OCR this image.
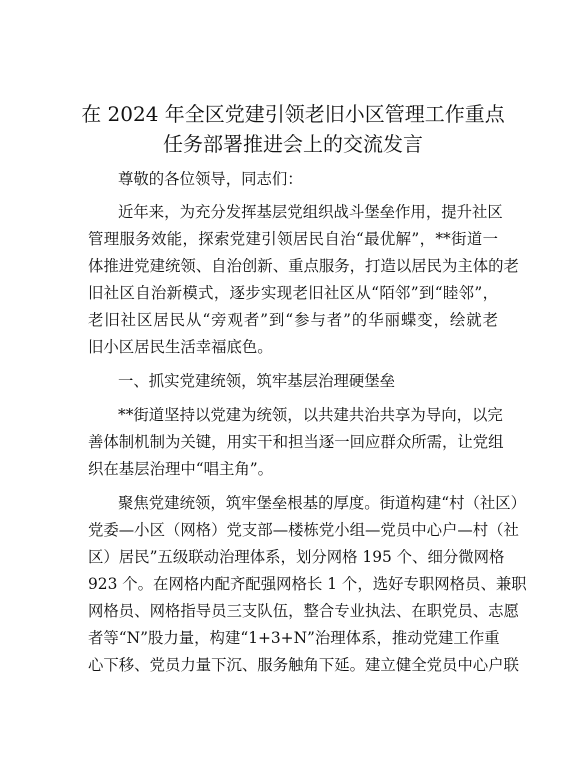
在 2024 年全区党建引领老旧小区管理工作重点
任务部署推进会上的交流发言
尊敬的各位领导，同志们：
近年来，为充分发挥基层党组织战斗堡垒作用，提升社区
管理服务效能，探索党建引领居民自治“最优解”，**街道一
体推进党建统领、自治创新、重点服务，打造以居民为主体的老
旧社区自治新模式，逐步实现老旧社区从“陌邻”到“睦邻”，
老旧社区居民从“旁观者”到“参与者”的华丽蝶变，绘就老
旧小区居民生活幸福底色。
一、抓实党建统领，筑牢基层治理硬堡垒
**街道坚持以党建为统领，以共建共治共享为导向，以完
善体制机制为关键，用实干和担当逐一回应群众所需，让党组
织在基层治理中“唱主角”。
聚焦党建统领，筑牢堡垒根基的厚度。街道构建“村（社区）
党委—小区（网格）党支部—楼栋党小组—党员中心户—村（社
区）居民”五级联动治理体系，划分网格 195 个、细分微网格
923 个。在网格内配齐配强网格长 1 个，选好专职网格员、兼职
网格员、网格指导员三支队伍，整合专业执法、在职党员、志愿
者等“N”股力量，构建“1+3+N”治理体系，推动党建工作重
心下移、党员力量下沉、服务触角下延。建立健全党员中心户联
